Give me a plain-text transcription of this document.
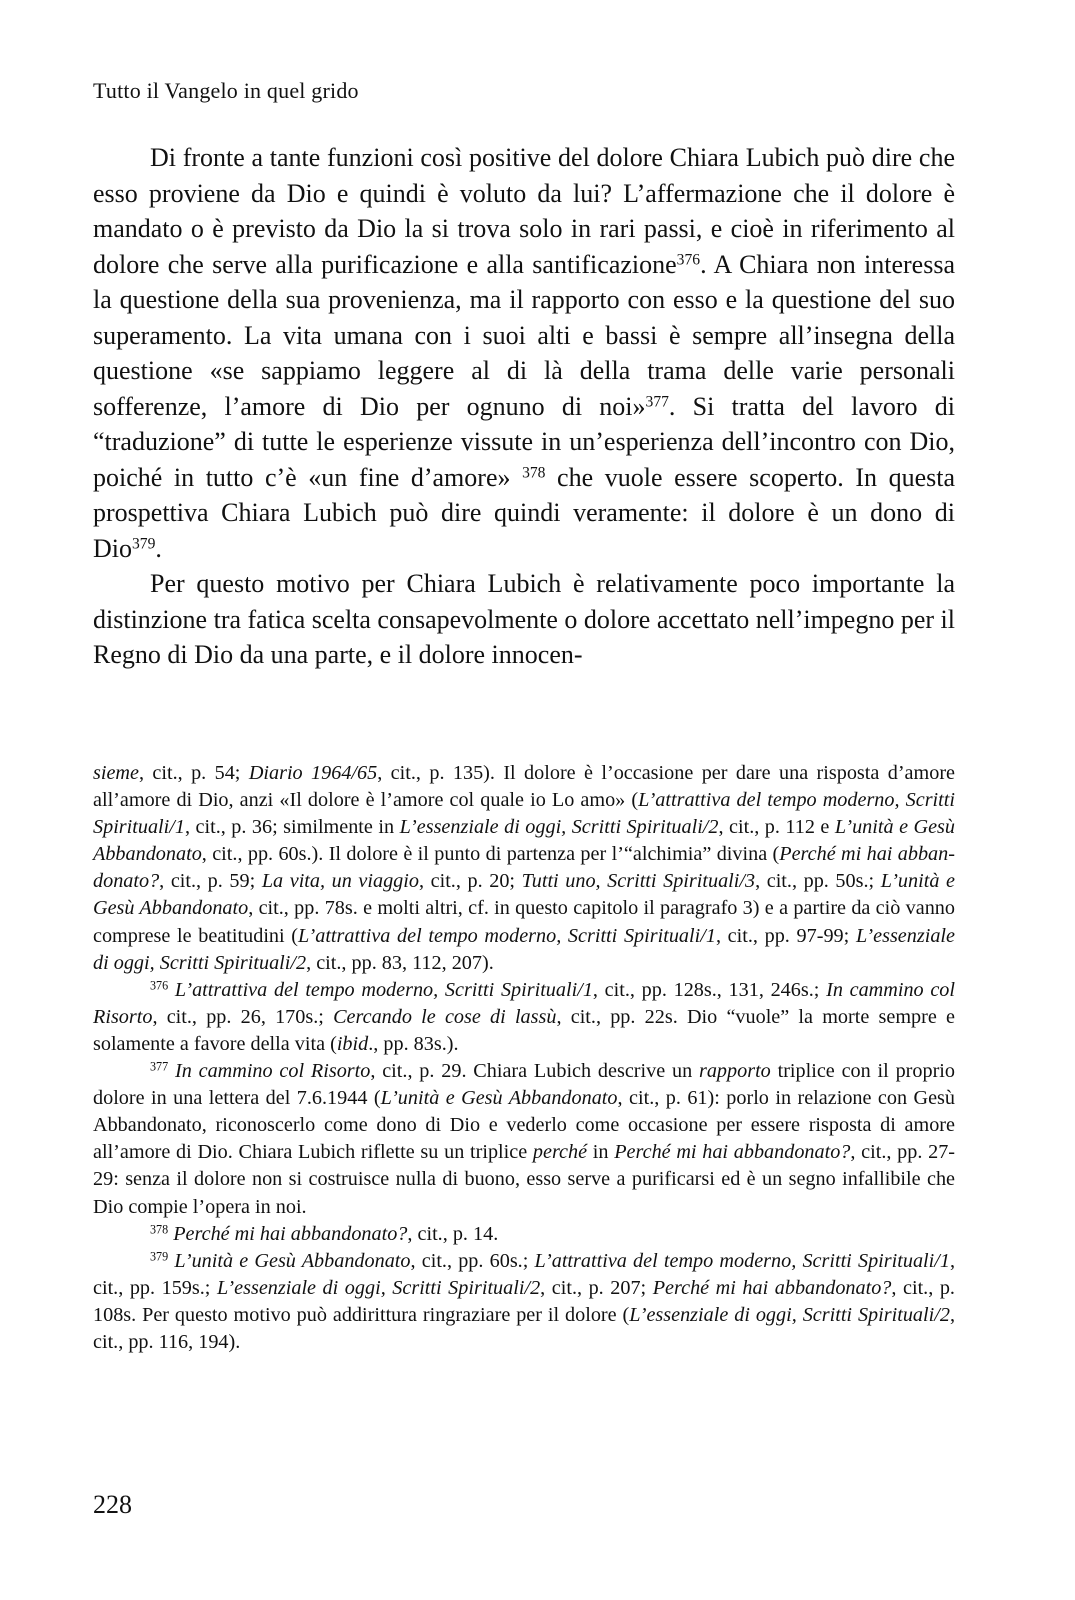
Tutto il Vangelo in quel grido

Di fronte a tante funzioni così positive del dolore Chiara Lubich può dire che esso proviene da Dio e quindi è voluto da lui? L’affermazione che il dolore è mandato o è previsto da Dio la si trova solo in rari passi, e cioè in riferimento al dolore che serve alla purificazione e alla santificazione$^{376}$. A Chiara non interessa la questione della sua provenienza, ma il rapporto con esso e la questione del suo superamento. La vita umana con i suoi alti e bassi è sempre all’insegna della questione «se sappiamo leggere al di là della trama delle varie personali sofferenze, l’amore di Dio per ognuno di noi»$^{377}$. Si tratta del lavoro di “traduzione” di tutte le esperienze vissute in un’esperienza dell’incontro con Dio, poiché in tutto c’è «un fine d’amore» $^{378}$ che vuole essere scoperto. In questa prospettiva Chiara Lubich può dire quindi veramente: il dolore è un dono di Dio$^{379}$.

Per questo motivo per Chiara Lubich è relativamente poco importante la distinzione tra fatica scelta consapevolmente o dolore accettato nell’impegno per il Regno di Dio da una parte, e il dolore innocen-

sieme, cit., p. 54; Diario 1964/65, cit., p. 135). Il dolore è l’occasione per dare una risposta d’amore all’amore di Dio, anzi «Il dolore è l’amore col quale io Lo amo» (L’attrattiva del tempo moderno, Scritti Spirituali/1, cit., p. 36; similmente in L’essenziale di oggi, Scritti Spirituali/2, cit., p. 112 e L’unità e Gesù Abbandonato, cit., pp. 60s.). Il dolore è il punto di partenza per l’“alchimia” divina (Perché mi hai abbandonato?, cit., p. 59; La vita, un viaggio, cit., p. 20; Tutti uno, Scritti Spirituali/3, cit., pp. 50s.; L’unità e Gesù Abbandonato, cit., pp. 78s. e molti altri, cf. in questo capitolo il paragrafo 3) e a partire da ciò vanno comprese le beatitudini (L’attrattiva del tempo moderno, Scritti Spirituali/1, cit., pp. 97-99; L’essenziale di oggi, Scritti Spirituali/2, cit., pp. 83, 112, 207).

$^{376}$ L’attrattiva del tempo moderno, Scritti Spirituali/1, cit., pp. 128s., 131, 246s.; In cammino col Risorto, cit., pp. 26, 170s.; Cercando le cose di lassù, cit., pp. 22s. Dio “vuole” la morte sempre e solamente a favore della vita (ibid., pp. 83s.).

$^{377}$ In cammino col Risorto, cit., p. 29. Chiara Lubich descrive un rapporto triplice con il proprio dolore in una lettera del 7.6.1944 (L’unità e Gesù Abbandonato, cit., p. 61): porlo in relazione con Gesù Abbandonato, riconoscerlo come dono di Dio e vederlo come occasione per essere risposta di amore all’amore di Dio. Chiara Lubich riflette su un triplice perché in Perché mi hai abbandonato?, cit., pp. 27-29: senza il dolore non si costruisce nulla di buono, esso serve a purificarsi ed è un segno infallibile che Dio compie l’opera in noi.

$^{378}$ Perché mi hai abbandonato?, cit., p. 14.

$^{379}$ L’unità e Gesù Abbandonato, cit., pp. 60s.; L’attrattiva del tempo moderno, Scritti Spirituali/1, cit., pp. 159s.; L’essenziale di oggi, Scritti Spirituali/2, cit., p. 207; Perché mi hai abbandonato?, cit., p. 108s. Per questo motivo può addirittura ringraziare per il dolore (L’essenziale di oggi, Scritti Spirituali/2, cit., pp. 116, 194).

228
